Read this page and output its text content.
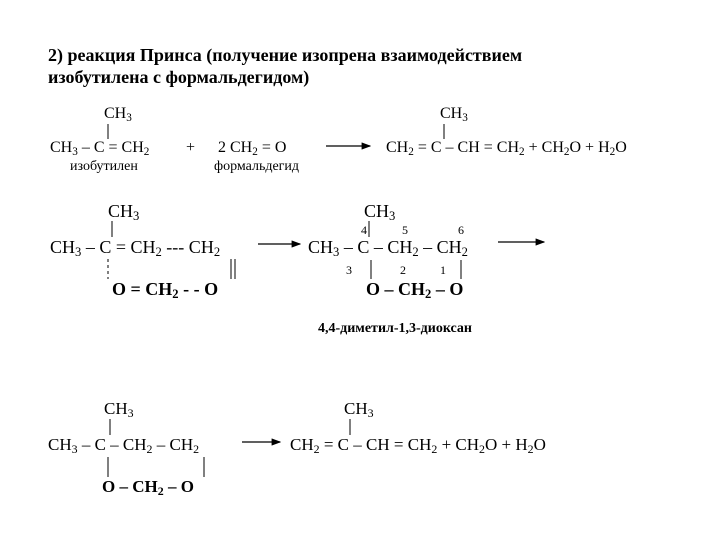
2) реакция Принса (получение изопрена взаимодействием
изобутилена с формальдегидом)
$CH_3$
$CH_3 - C = CH_2 + 2$ $CH_2 = O$
изобутилен	формальдегид
$CH_3$
$CH_2 = C$ – CH = $CH_2 + CH_2O + H_2O$
$CH_3$
$CH_3 - C = CH_2$ --- $CH_2$
$O = CH_2$ - - O
$CH_3$
4	5	6
$CH_3$ – C – $CH_2 - CH_2$
3	2	1
O – $CH_2$ – O
4,4-диметил-1,3-диоксан
$CH_3$
$CH_3$ – C – $CH_2 - CH_2$
O – $CH_2$ – O
$CH_3$
$CH_2 = C$ – CH = $CH_2 + CH_2O + H_2O$
